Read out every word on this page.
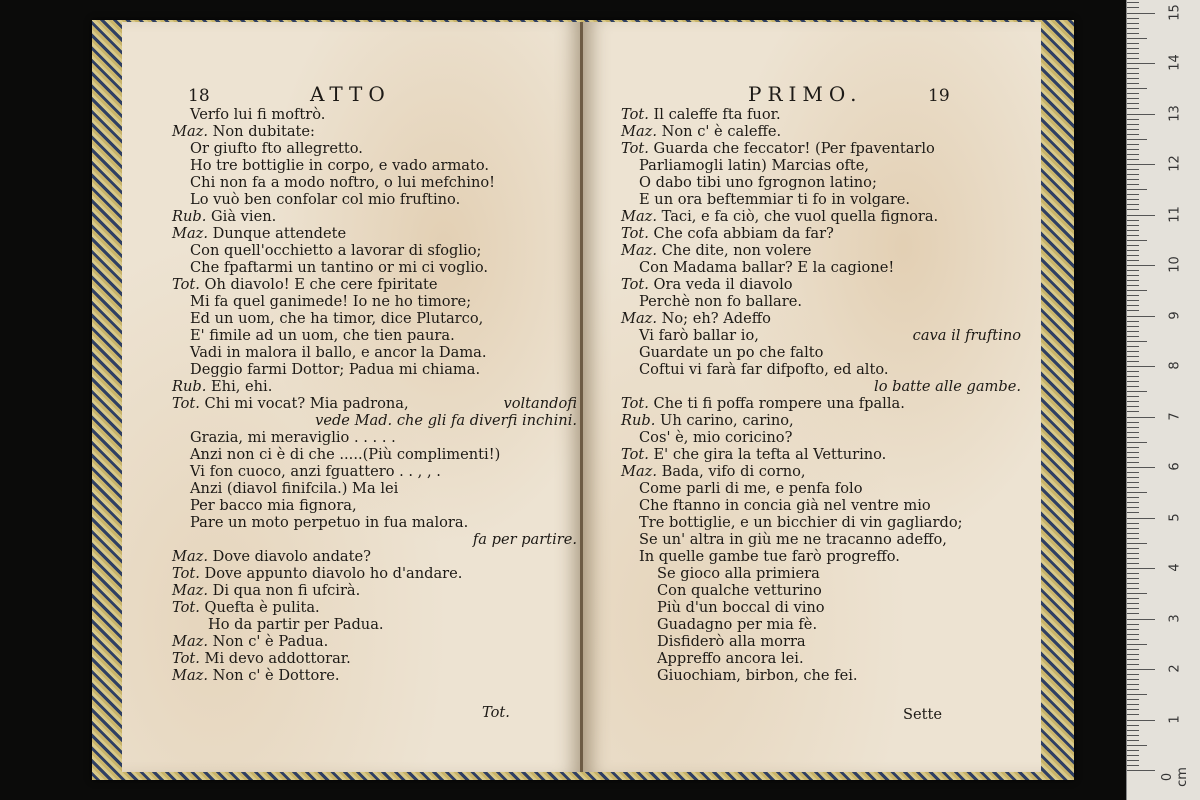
18	ATTO
Verfo lui fi moftrò.
Maz. Non dubitate:
Or giufto fto allegretto.
Ho tre bottiglie in corpo, e vado armato.
Chi non fa a modo noftro, o lui mefchino!
Lo vuò ben confolar col mio fruftino.
Rub. Già vien.
Maz. Dunque attendete
Con quell'occhietto a lavorar di sfoglio;
Che fpaftarmi un tantino or mi ci voglio.
Tot. Oh diavolo! E che cere fpiritate
Mi fa quel ganimede! Io ne ho timore;
Ed un uom, che ha timor, dice Plutarco,
E' fimile ad un uom, che tien paura.
Vadi in malora il ballo, e ancor la Dama.
Deggio farmi Dottor; Padua mi chiama.
Rub. Ehi, ehi.
Tot. Chi mi vocat? Mia padrona,	voltandofi
vede Mad. che gli fa diverfi inchini.
Grazia, mi meraviglio . . . . .
Anzi non ci è di che .....(Più complimenti!)
Vi fon cuoco, anzi fguattero . . , , .
Anzi (diavol finifcila.) Ma lei
Per bacco mia fignora,
Pare un moto perpetuo in fua malora.
fa per partire.
Maz. Dove diavolo andate?
Tot. Dove appunto diavolo ho d'andare.
Maz. Di qua non fi ufcirà.
Tot. Quefta è pulita.
Ho da partir per Padua.
Maz. Non c' è Padua.
Tot. Mi devo addottorar.
Maz. Non c' è Dottore.
Tot.
PRIMO.	19
Tot. Il caleffe fta fuor.
Maz. Non c' è caleffe.
Tot. Guarda che feccator! (Per fpaventarlo
Parliamogli latin) Marcias ofte,
O dabo tibi uno fgrognon latino;
E un ora beftemmiar ti fo in volgare.
Maz. Taci, e fa ciò, che vuol quella fignora.
Tot. Che cofa abbiam da far?
Maz. Che dite, non volere
Con Madama ballar? E la cagione!
Tot. Ora veda il diavolo
Perchè non fo ballare.
Maz. No; eh? Adeffo
Vi farò ballar io,	cava il fruftino
Guardate un po che falto
Coftui vi farà far difpofto, ed alto.
lo batte alle gambe.
Tot. Che ti fi poffa rompere una fpalla.
Rub. Uh carino, carino,
Cos' è, mio coricino?
Tot. E' che gira la tefta al Vetturino.
Maz. Bada, vifo di corno,
Come parli di me, e penfa folo
Che ftanno in concia già nel ventre mio
Tre bottiglie, e un bicchier di vin gagliardo;
Se un' altra in giù me ne tracanno adeffo,
In quelle gambe tue farò progreffo.
Se gioco alla primiera
Con qualche vetturino
Più d'un boccal di vino
Guadagno per mia fè.
Disfiderò alla morra
Appreffo ancora lei.
Giuochiam, birbon, che fei.
Sette
0 cm
1
2
3
4
5
6
7
8
9
10
11
12
13
14
15
